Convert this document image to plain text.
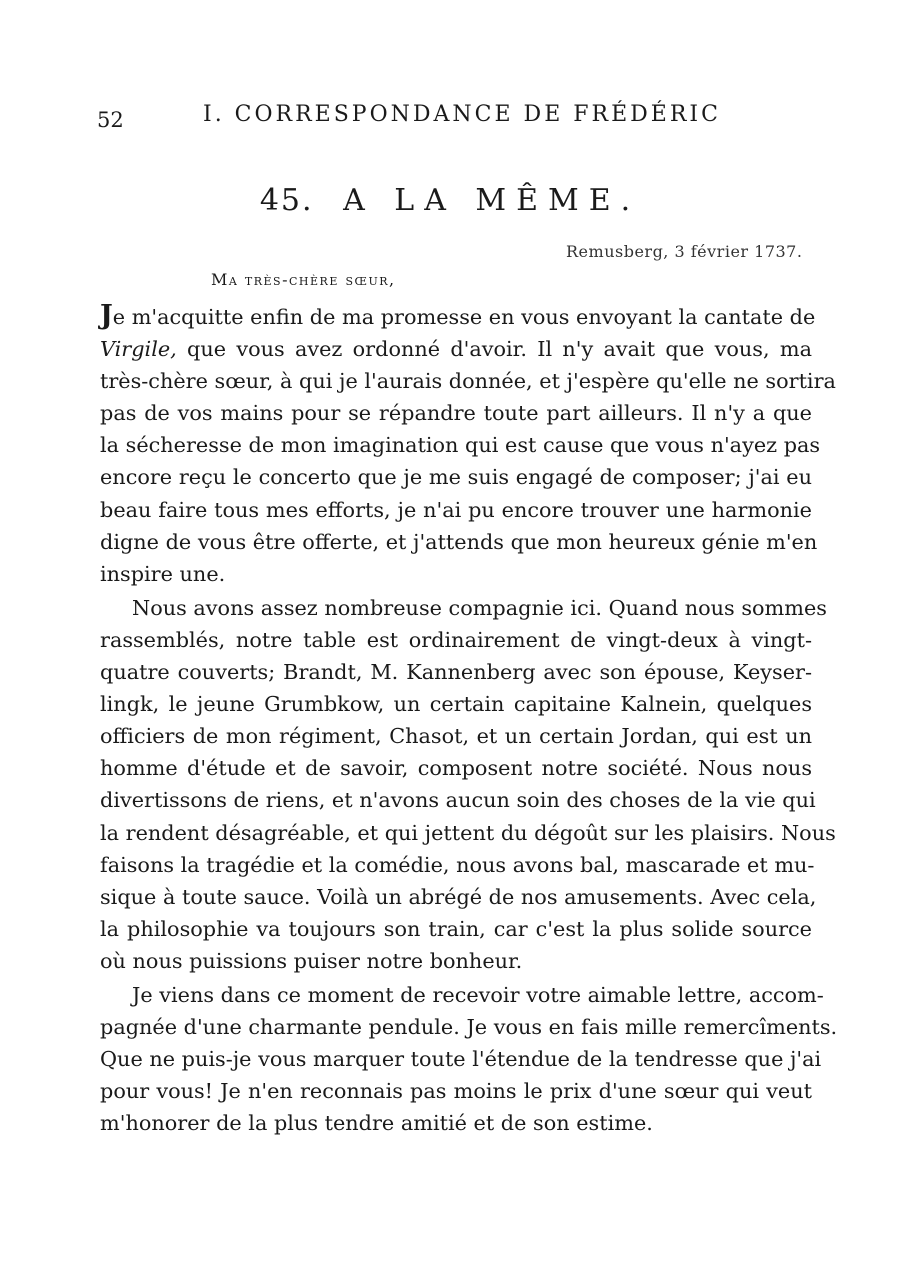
52	I. CORRESPONDANCE DE FRÉDÉRIC
45. A LA MÊME.
Remusberg, 3 février 1737.
Ma très-chère sœur,

Je m'acquitte enfin de ma promesse en vous envoyant la cantate de
Virgile, que vous avez ordonné d'avoir. Il n'y avait que vous, ma
très-chère sœur, à qui je l'aurais donnée, et j'espère qu'elle ne sortira
pas de vos mains pour se répandre toute part ailleurs. Il n'y a que
la sécheresse de mon imagination qui est cause que vous n'ayez pas
encore reçu le concerto que je me suis engagé de composer; j'ai eu
beau faire tous mes efforts, je n'ai pu encore trouver une harmonie
digne de vous être offerte, et j'attends que mon heureux génie m'en
inspire une.

Nous avons assez nombreuse compagnie ici. Quand nous sommes
rassemblés, notre table est ordinairement de vingt-deux à vingt-
quatre couverts; Brandt, M. Kannenberg avec son épouse, Keyser-
lingk, le jeune Grumbkow, un certain capitaine Kalnein, quelques
officiers de mon régiment, Chasot, et un certain Jordan, qui est un
homme d'étude et de savoir, composent notre société. Nous nous
divertissons de riens, et n'avons aucun soin des choses de la vie qui
la rendent désagréable, et qui jettent du dégoût sur les plaisirs. Nous
faisons la tragédie et la comédie, nous avons bal, mascarade et mu-
sique à toute sauce. Voilà un abrégé de nos amusements. Avec cela,
la philosophie va toujours son train, car c'est la plus solide source
où nous puissions puiser notre bonheur.

Je viens dans ce moment de recevoir votre aimable lettre, accom-
pagnée d'une charmante pendule. Je vous en fais mille remercîments.
Que ne puis-je vous marquer toute l'étendue de la tendresse que j'ai
pour vous! Je n'en reconnais pas moins le prix d'une sœur qui veut
m'honorer de la plus tendre amitié et de son estime.
